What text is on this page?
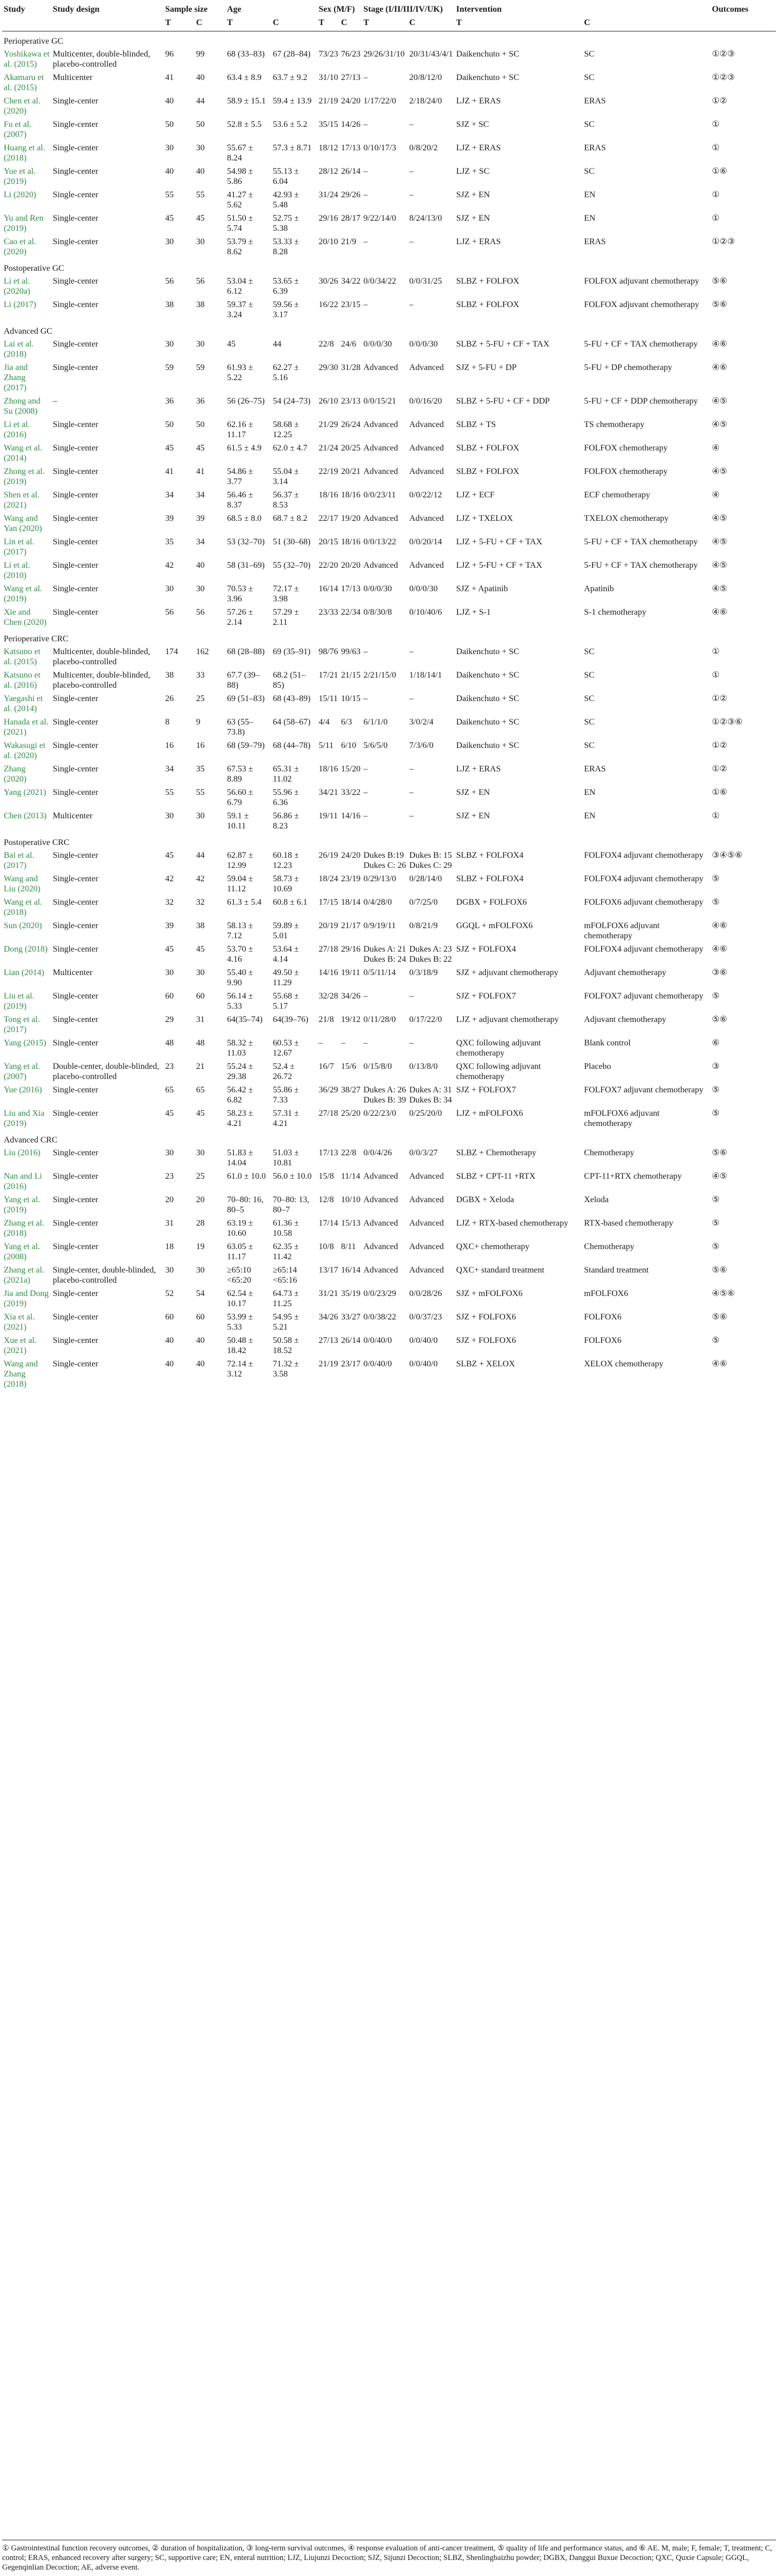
Study	Study design	Sample size		Age		Sex (M/F)		Stage (I/II/III/IV/UK)		Intervention		Outcomes
		T	C	T	C	T	C	T	C	T	C	
Perioperative GC												
Yoshikawa et al. (2015)	Multicenter, double-blinded, placebo-controlled	96	99	68 (33–83)	67 (28–84)	73/23	76/23	29/26/31/10	20/31/43/4/1	Daikenchuto + SC	SC	①②③
Akamaru et al. (2015)	Multicenter	41	40	63.4 ± 8.9	63.7 ± 9.2	31/10	27/13	–	20/8/12/0	Daikenchuto + SC	SC	①②③
Chen et al. (2020)	Single-center	40	44	58.9 ± 15.1	59.4 ± 13.9	21/19	24/20	1/17/22/0	2/18/24/0	LJZ + ERAS	ERAS	①②
Fu et al. (2007)	Single-center	50	50	52.8 ± 5.5	53.6 ± 5.2	35/15	14/26	–	–	SJZ + SC	SC	①
Huang et al. (2018)	Single-center	30	30	55.67 ± 8.24	57.3 ± 8.71	18/12	17/13	0/10/17/3	0/8/20/2	LJZ + ERAS	ERAS	①
Yue et al. (2019)	Single-center	40	40	54.98 ± 5.86	55.13 ± 6.04	28/12	26/14	–	–	LJZ + SC	SC	①⑥
Li (2020)	Single-center	55	55	41.27 ± 5.62	42.93 ± 5.48	31/24	29/26	–	–	SJZ + EN	EN	①
Yu and Ren (2019)	Single-center	45	45	51.50 ± 5.74	52.75 ± 5.38	29/16	28/17	9/22/14/0	8/24/13/0	SJZ + EN	EN	①
Cao et al. (2020)	Single-center	30	30	53.79 ± 8.62	53.33 ± 8.28	20/10	21/9	–	–	LJZ + ERAS	ERAS	①②③
Postoperative GC												
Li et al. (2020a)	Single-center	56	56	53.04 ± 6.12	53.65 ± 6.39	30/26	34/22	0/0/34/22	0/0/31/25	SLBZ + FOLFOX	FOLFOX adjuvant chemotherapy	⑤⑥
Li (2017)	Single-center	38	38	59.37 ± 3.24	59.56 ± 3.17	16/22	23/15	–	–	SLBZ + FOLFOX	FOLFOX adjuvant chemotherapy	⑤⑥
Advanced GC												
Lai et al. (2018)	Single-center	30	30	45	44	22/8	24/6	0/0/0/30	0/0/0/30	SLBZ + 5-FU + CF + TAX	5-FU + CF + TAX chemotherapy	④⑥
Jia and Zhang (2017)	Single-center	59	59	61.93 ± 5.22	62.27 ± 5.16	29/30	31/28	Advanced	Advanced	SJZ + 5-FU + DP	5-FU + DP chemotherapy	④⑥
Zhong and Su (2008)	–	36	36	56 (26–75)	54 (24–73)	26/10	23/13	0/0/15/21	0/0/16/20	SLBZ + 5-FU + CF + DDP	5-FU + CF + DDP chemotherapy	④⑤
Li et al. (2016)	Single-center	50	50	62.16 ± 11.17	58.68 ± 12.25	21/29	26/24	Advanced	Advanced	SLBZ + TS	TS chemotherapy	④⑤
Wang et al. (2014)	Single-center	45	45	61.5 ± 4.9	62.0 ± 4.7	21/24	20/25	Advanced	Advanced	SLBZ + FOLFOX	FOLFOX chemotherapy	④
Zhong et al. (2019)	Single-center	41	41	54.86 ± 3.77	55.04 ± 3.14	22/19	20/21	Advanced	Advanced	SLBZ + FOLFOX	FOLFOX chemotherapy	④⑤
Shen et al. (2021)	Single-center	34	34	56.46 ± 8.37	56.37 ± 8.53	18/16	18/16	0/0/23/11	0/0/22/12	LJZ + ECF	ECF chemotherapy	④
Wang and Yan (2020)	Single-center	39	39	68.5 ± 8.0	68.7 ± 8.2	22/17	19/20	Advanced	Advanced	LJZ + TXELOX	TXELOX chemotherapy	④⑤
Lin et al. (2017)	Single-center	35	34	53 (32–70)	51 (30–68)	20/15	18/16	0/0/13/22	0/0/20/14	LJZ + 5-FU + CF + TAX	5-FU + CF + TAX chemotherapy	④⑤
Li et al. (2010)	Single-center	42	40	58 (31–69)	55 (32–70)	22/20	20/20	Advanced	Advanced	LJZ + 5-FU + CF + TAX	5-FU + CF + TAX chemotherapy	④⑤
Wang et al. (2019)	Single-center	30	30	70.53 ± 3.96	72.17 ± 3.98	16/14	17/13	0/0/0/30	0/0/0/30	SJZ + Apatinib	Apatinib	④⑤
Xie and Chen (2020)	Single-center	56	56	57.26 ± 2.14	57.29 ± 2.11	23/33	22/34	0/8/30/8	0/10/40/6	LJZ + S-1	S-1 chemotherapy	④⑥
Perioperative CRC												
Katsuno et al. (2015)	Multicenter, double-blinded, placebo-controlled	174	162	68 (28–88)	69 (35–91)	98/76	99/63	–	–	Daikenchuto + SC	SC	①
Katsuno et al. (2016)	Multicenter, double-blinded, placebo-controlled	38	33	67.7 (39–88)	68.2 (51–85)	17/21	21/15	2/21/15/0	1/18/14/1	Daikenchuto + SC	SC	①
Yaegashi et al. (2014)	Single-center	26	25	69 (51–83)	68 (43–89)	15/11	10/15	–	–	Daikenchuto + SC	SC	①②
Hanada et al. (2021)	Single-center	8	9	63 (55–73.8)	64 (58–67)	4/4	6/3	6/1/1/0	3/0/2/4	Daikenchuto + SC	SC	①②③⑥
Wakasugi et al. (2020)	Single-center	16	16	68 (59–79)	68 (44–78)	5/11	6/10	5/6/5/0	7/3/6/0	Daikenchuto + SC	SC	①②
Zhang (2020)	Single-center	34	35	67.53 ± 8.89	65.31 ± 11.02	18/16	15/20	–	–	LJZ + ERAS	ERAS	①②
Yang (2021)	Single-center	55	55	56.60 ± 6.79	55.96 ± 6.36	34/21	33/22	–	–	SJZ + EN	EN	①⑥
Chen (2013)	Multicenter	30	30	59.1 ± 10.11	56.86 ± 8.23	19/11	14/16	–	–	SJZ + EN	EN	①
Postoperative CRC												
Bai et al. (2017)	Single-center	45	44	62.87 ± 12.99	60.18 ± 12.23	26/19	24/20	Dukes B:19 Dukes C: 26	Dukes B: 15 Dukes C: 29	SLBZ + FOLFOX4	FOLFOX4 adjuvant chemotherapy	③④⑤⑥
Wang and Liu (2020)	Single-center	42	42	59.04 ± 11.12	58.73 ± 10.69	18/24	23/19	0/29/13/0	0/28/14/0	SLBZ + FOLFOX4	FOLFOX4 adjuvant chemotherapy	⑤
Wang et al. (2018)	Single-center	32	32	61.3 ± 5.4	60.8 ± 6.1	17/15	18/14	0/4/28/0	0/7/25/0	DGBX + FOLFOX6	FOLFOX6 adjuvant chemotherapy	⑤
Sun (2020)	Single-center	39	38	58.13 ± 7.12	59.89 ± 5.01	20/19	21/17	0/9/19/11	0/8/21/9	GGQL + mFOLFOX6	mFOLFOX6 adjuvant chemotherapy	④⑥
Dong (2018)	Single-center	45	45	53.70 ± 4.16	53.64 ± 4.14	27/18	29/16	Dukes A: 21 Dukes B: 24	Dukes A: 23 Dukes B: 22	SJZ + FOLFOX4	FOLFOX4 adjuvant chemotherapy	④⑥
Lian (2014)	Multicenter	30	30	55.40 ± 9.90	49.50 ± 11.29	14/16	19/11	0/5/11/14	0/3/18/9	SJZ + adjuvant chemotherapy	Adjuvant chemotherapy	③⑥
Liu et al. (2019)	Single-center	60	60	56.14 ± 5.33	55.68 ± 5.17	32/28	34/26	–	–	SJZ + FOLFOX7	FOLFOX7 adjuvant chemotherapy	⑤
Tong et al. (2017)	Single-center	29	31	64(35–74)	64(39–76)	21/8	19/12	0/11/28/0	0/17/22/0	LJZ + adjuvant chemotherapy	Adjuvant chemotherapy	⑤⑥
Yang (2015)	Single-center	48	48	58.32 ± 11.03	60.53 ± 12.67	–	–	–	–	QXC following adjuvant chemotherapy	Blank control	⑥
Yang et al. (2007)	Double-center, double-blinded, placebo-controlled	23	21	55.24 ± 29.38	52.4 ± 26.72	16/7	15/6	0/15/8/0	0/13/8/0	QXC following adjuvant chemotherapy	Placebo	③
Yue (2016)	Single-center	65	65	56.42 ± 6.82	55.86 ± 7.33	36/29	38/27	Dukes A: 26 Dukes B: 39	Dukes A: 31 Dukes B: 34	SJZ + FOLFOX7	FOLFOX7 adjuvant chemotherapy	⑤
Liu and Xia (2019)	Single-center	45	45	58.23 ± 4.21	57.31 ± 4.21	27/18	25/20	0/22/23/0	0/25/20/0	LJZ + mFOLFOX6	mFOLFOX6 adjuvant chemotherapy	⑤
Advanced CRC												
Liu (2016)	Single-center	30	30	51.83 ± 14.04	51.03 ± 10.81	17/13	22/8	0/0/4/26	0/0/3/27	SLBZ + Chemotherapy	Chemotherapy	⑤⑥
Nan and Li (2016)	Single-center	23	25	61.0 ± 10.0	56.0 ± 10.0	15/8	11/14	Advanced	Advanced	SLBZ + CPT-11 +RTX	CPT-11+RTX chemotherapy	④⑤
Yang et al. (2019)	Single-center	20	20	70–80: 16, 80–5	70–80: 13, 80–7	12/8	10/10	Advanced	Advanced	DGBX + Xeloda	Xeloda	⑤
Zhang et al. (2018)	Single-center	31	28	63.19 ± 10.60	61.36 ± 10.58	17/14	15/13	Advanced	Advanced	LJZ + RTX-based chemotherapy	RTX-based chemotherapy	⑤
Yang et al. (2008)	Single-center	18	19	63.05 ± 11.17	62.35 ± 11.42	10/8	8/11	Advanced	Advanced	QXC+ chemotherapy	Chemotherapy	⑤
Zhang et al. (2021a)	Single-center, double-blinded, placebo-controlled	30	30	≥65:10 <65:20	≥65:14 <65:16	13/17	16/14	Advanced	Advanced	QXC+ standard treatment	Standard treatment	⑤⑥
Jia and Dong (2019)	Single-center	52	54	62.54 ± 10.17	64.73 ± 11.25	31/21	35/19	0/0/23/29	0/0/28/26	SJZ + mFOLFOX6	mFOLFOX6	④⑤⑥
Xia et al. (2021)	Single-center	60	60	53.99 ± 5.33	54.95 ± 5.21	34/26	33/27	0/0/38/22	0/0/37/23	SJZ + FOLFOX6	FOLFOX6	⑤⑥
Xue et al. (2021)	Single-center	40	40	50.48 ± 18.42	50.58 ± 18.52	27/13	26/14	0/0/40/0	0/0/40/0	SJZ + FOLFOX6	FOLFOX6	⑤
Wang and Zhang (2018)	Single-center	40	40	72.14 ± 3.12	71.32 ± 3.58	21/19	23/17	0/0/40/0	0/0/40/0	SLBZ + XELOX	XELOX chemotherapy	④⑥
① Gastrointestinal function recovery outcomes, ② duration of hospitalization, ③ long-term survival outcomes, ④ response evaluation of anti-cancer treatment, ⑤ quality of life and performance status, and ⑥ AE. M, male; F, female; T, treatment; C, control; ERAS, enhanced recovery after surgery; SC, supportive care; EN, enteral nutrition; LJZ, Liujunzi Decoction; SJZ, Sijunzi Decoction; SLBZ, Shenlingbaizhu powder; DGBX, Danggui Buxue Decoction; QXC, Quxie Capsule; GGQL, Gegenqinlian Decoction; AE, adverse event.
